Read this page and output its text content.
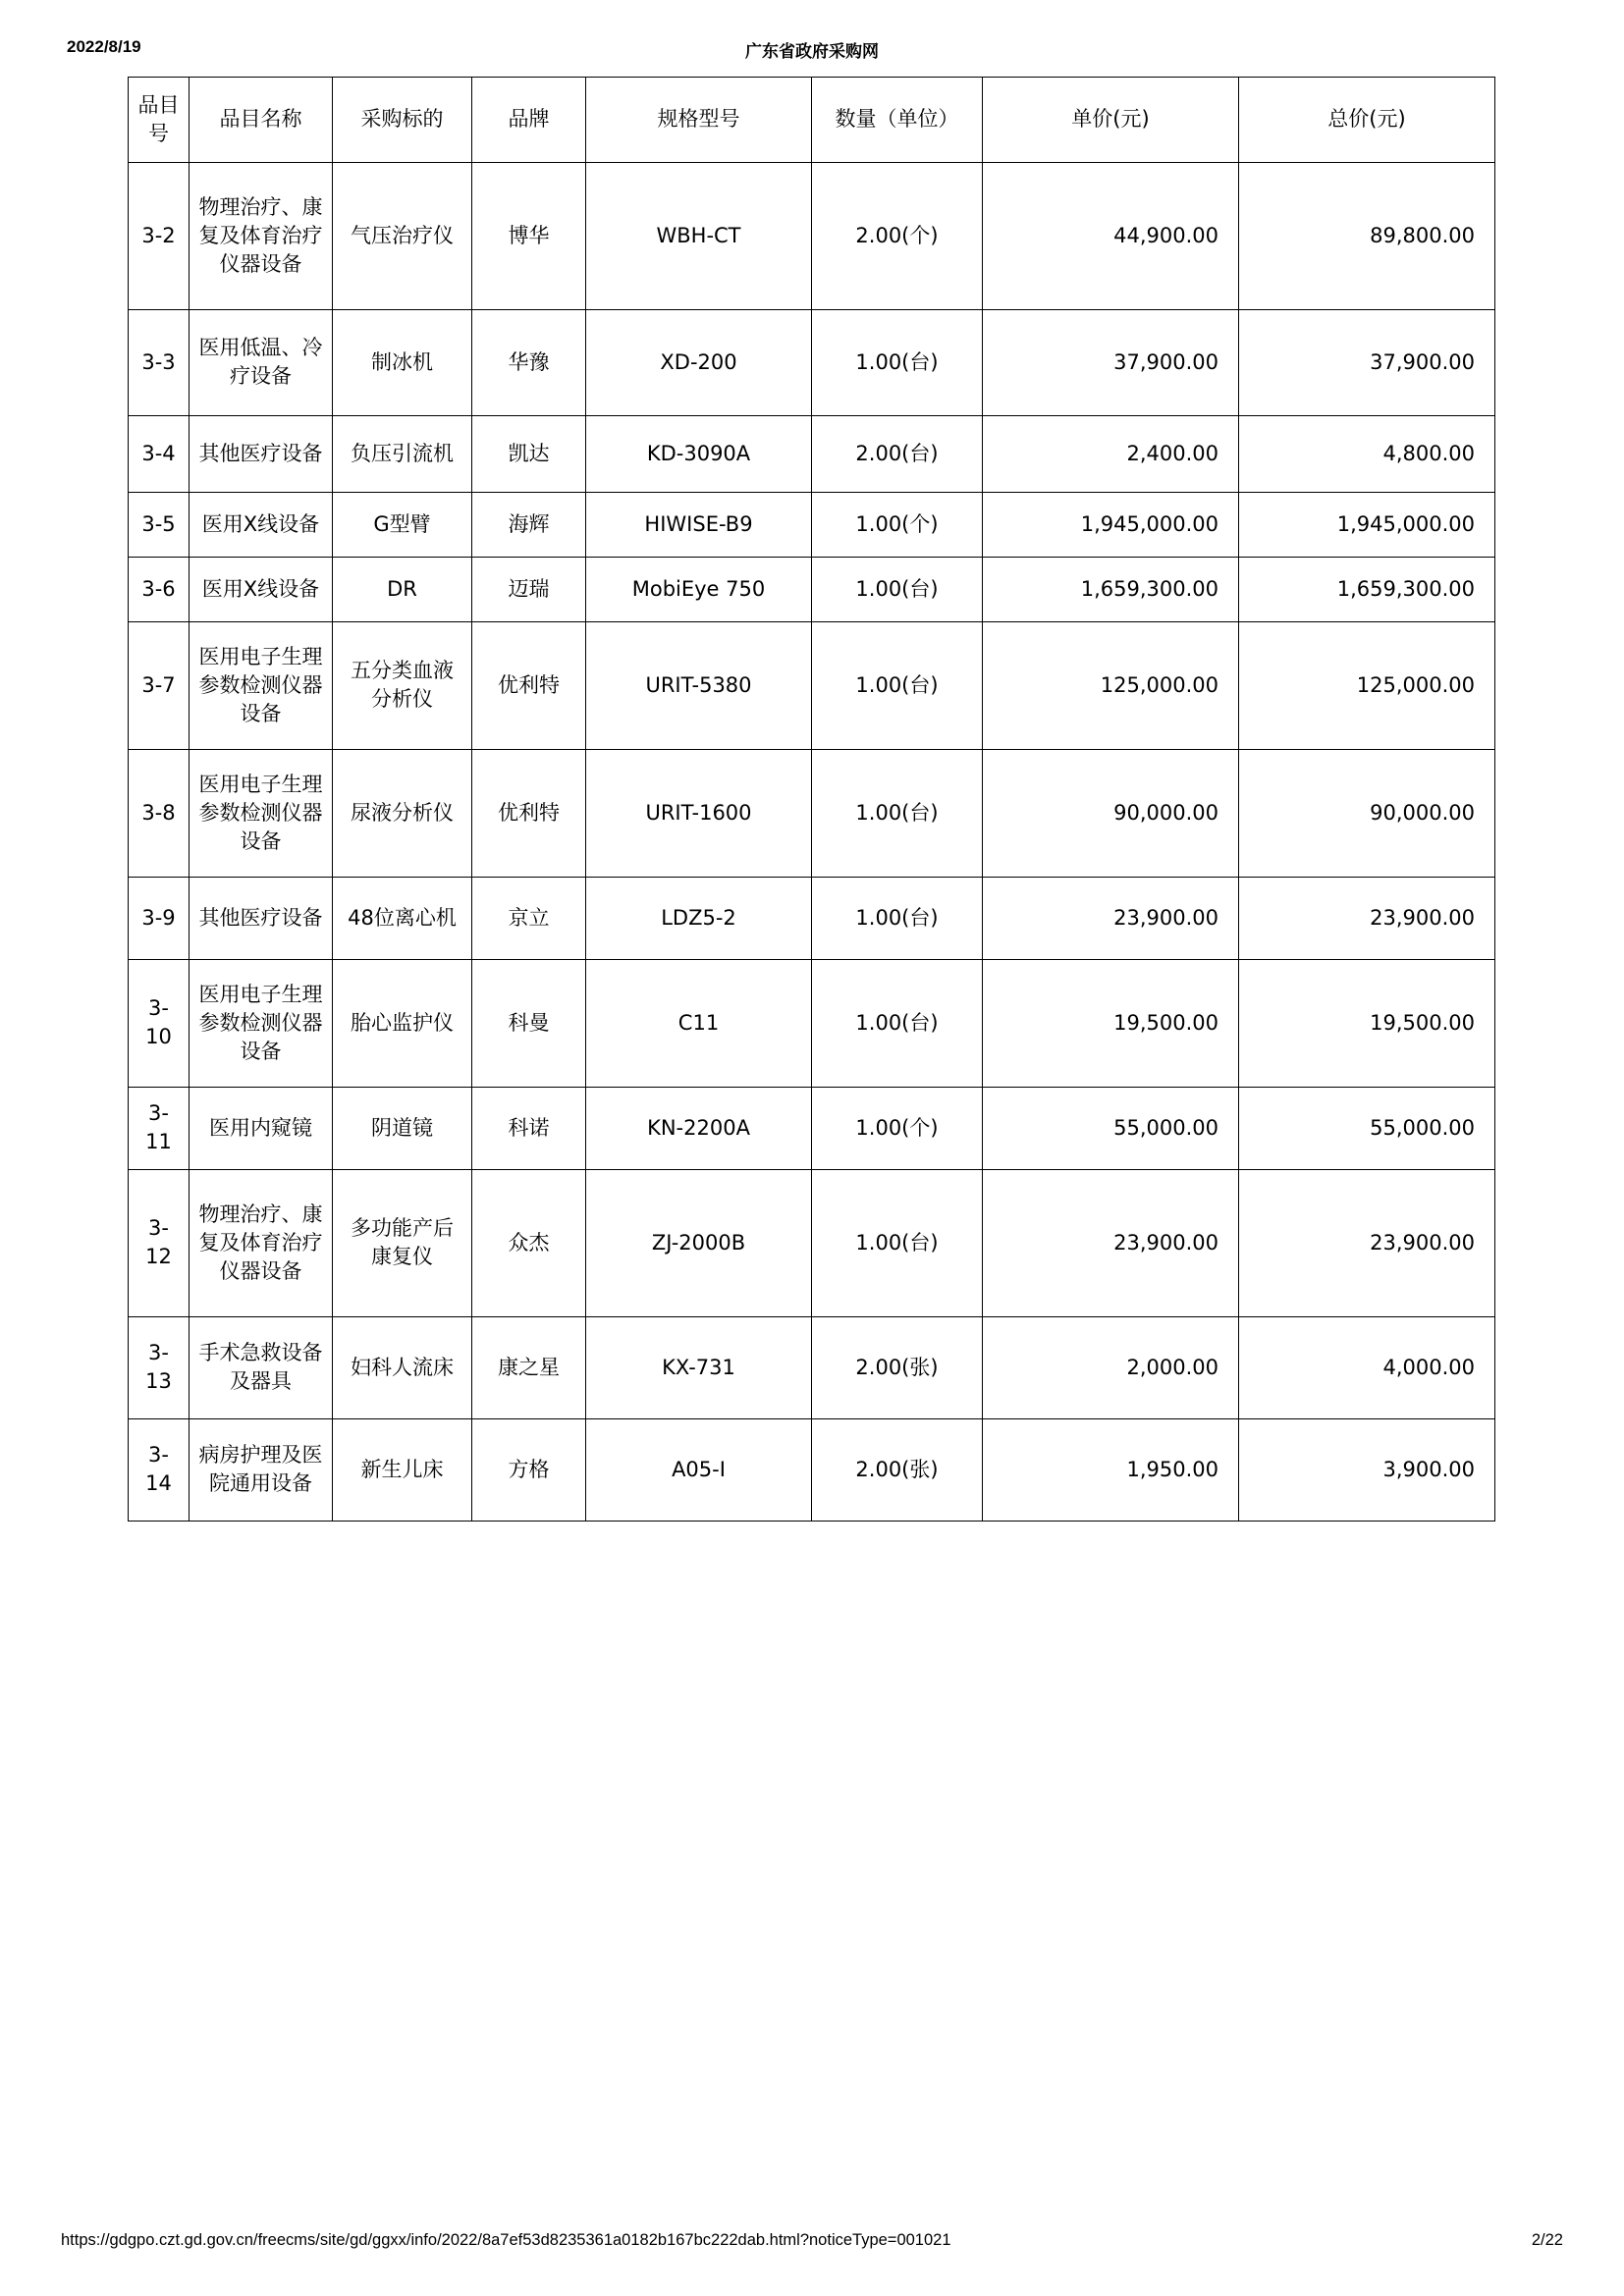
2022/8/19	广东省政府采购网
品目号	品目名称	采购标的	品牌	规格型号	数量（单位）	单价(元)	总价(元)
3-2	物理治疗、康复及体育治疗仪器设备	气压治疗仪	博华	WBH-CT	2.00(个)	44,900.00	89,800.00
3-3	医用低温、冷疗设备	制冰机	华豫	XD-200	1.00(台)	37,900.00	37,900.00
3-4	其他医疗设备	负压引流机	凯达	KD-3090A	2.00(台)	2,400.00	4,800.00
3-5	医用X线设备	G型臂	海辉	HIWISE-B9	1.00(个)	1,945,000.00	1,945,000.00
3-6	医用X线设备	DR	迈瑞	MobiEye 750	1.00(台)	1,659,300.00	1,659,300.00
3-7	医用电子生理参数检测仪器设备	五分类血液分析仪	优利特	URIT-5380	1.00(台)	125,000.00	125,000.00
3-8	医用电子生理参数检测仪器设备	尿液分析仪	优利特	URIT-1600	1.00(台)	90,000.00	90,000.00
3-9	其他医疗设备	48位离心机	京立	LDZ5-2	1.00(台)	23,900.00	23,900.00
3-10	医用电子生理参数检测仪器设备	胎心监护仪	科曼	C11	1.00(台)	19,500.00	19,500.00
3-11	医用内窥镜	阴道镜	科诺	KN-2200A	1.00(个)	55,000.00	55,000.00
3-12	物理治疗、康复及体育治疗仪器设备	多功能产后康复仪	众杰	ZJ-2000B	1.00(台)	23,900.00	23,900.00
3-13	手术急救设备及器具	妇科人流床	康之星	KX-731	2.00(张)	2,000.00	4,000.00
3-14	病房护理及医院通用设备	新生儿床	方格	A05-I	2.00(张)	1,950.00	3,900.00
https://gdgpo.czt.gd.gov.cn/freecms/site/gd/ggxx/info/2022/8a7ef53d8235361a0182b167bc222dab.html?noticeType=001021	2/22
